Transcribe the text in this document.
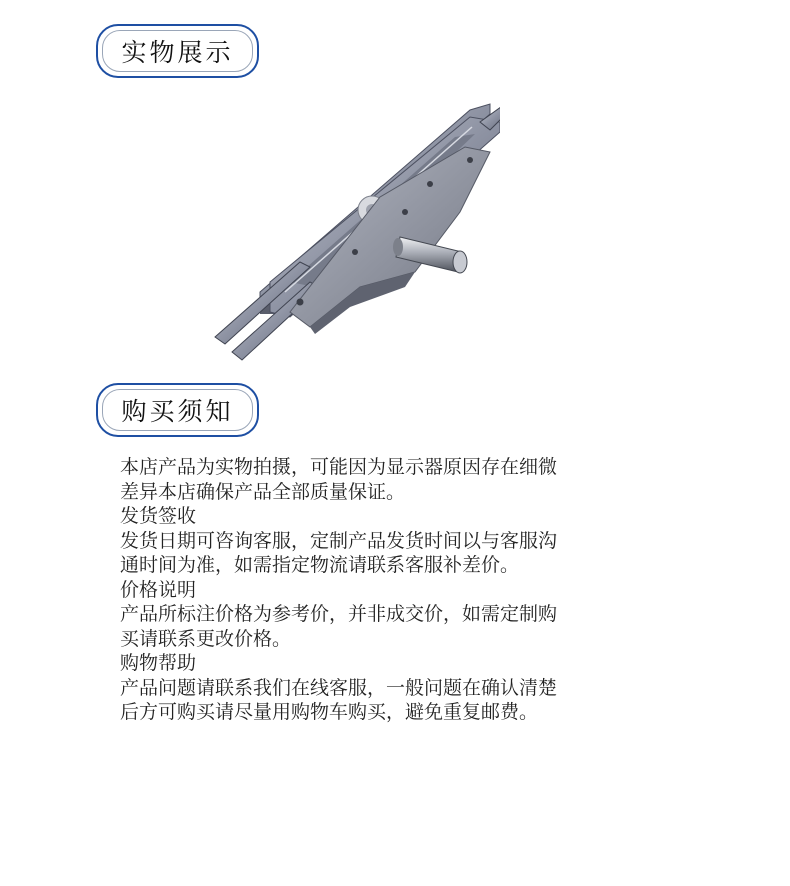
实物展示
购买须知

本店产品为实物拍摄，可能因为显示器原因存在细微
差异本店确保产品全部质量保证。

发货签收

发货日期可咨询客服，定制产品发货时间以与客服沟
通时间为准，如需指定物流请联系客服补差价。

价格说明

产品所标注价格为参考价，并非成交价，如需定制购
买请联系更改价格。

购物帮助

产品问题请联系我们在线客服，一般问题在确认清楚
后方可购买请尽量用购物车购买，避免重复邮费。
